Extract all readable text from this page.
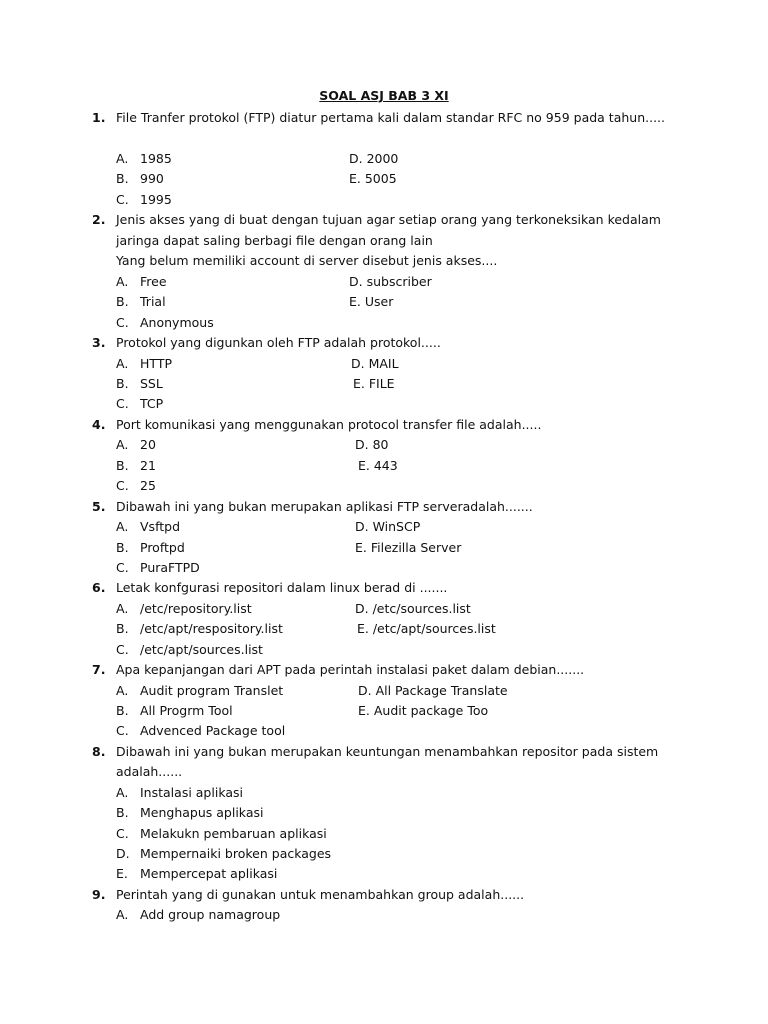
SOAL ASJ BAB 3 XI
1. File Tranfer protokol (FTP) diatur pertama kali dalam standar RFC no 959 pada tahun.....
A. 1985	D. 2000
B. 990	E. 5005
C. 1995
2. Jenis akses yang di buat dengan tujuan agar setiap orang yang terkoneksikan kedalam
jaringa dapat saling berbagi file dengan orang lain
Yang belum memiliki account di server disebut jenis akses....
A. Free	D. subscriber
B. Trial	E. User
C. Anonymous
3. Protokol yang digunkan oleh FTP adalah protokol.....
A. HTTP	D. MAIL
B. SSL	E. FILE
C. TCP
4. Port komunikasi yang menggunakan protocol transfer file adalah.....
A. 20	D. 80
B. 21	E. 443
C. 25
5. Dibawah ini yang bukan merupakan aplikasi FTP serveradalah.......
A. Vsftpd	D. WinSCP
B. Proftpd	E. Filezilla Server
C. PuraFTPD
6. Letak konfgurasi repositori dalam linux berad di .......
A. /etc/repository.list	D. /etc/sources.list
B. /etc/apt/respository.list	E. /etc/apt/sources.list
C. /etc/apt/sources.list
7. Apa kepanjangan dari APT pada perintah instalasi paket dalam debian.......
A. Audit program Translet	D. All Package Translate
B. All Progrm Tool	E. Audit package Too
C. Advenced Package tool
8. Dibawah ini yang bukan merupakan keuntungan menambahkan repositor pada sistem
adalah......
A. Instalasi aplikasi
B. Menghapus aplikasi
C. Melakukn pembaruan aplikasi
D. Mempernaiki broken packages
E. Mempercepat aplikasi
9. Perintah yang di gunakan untuk menambahkan group adalah......
A. Add group namagroup
